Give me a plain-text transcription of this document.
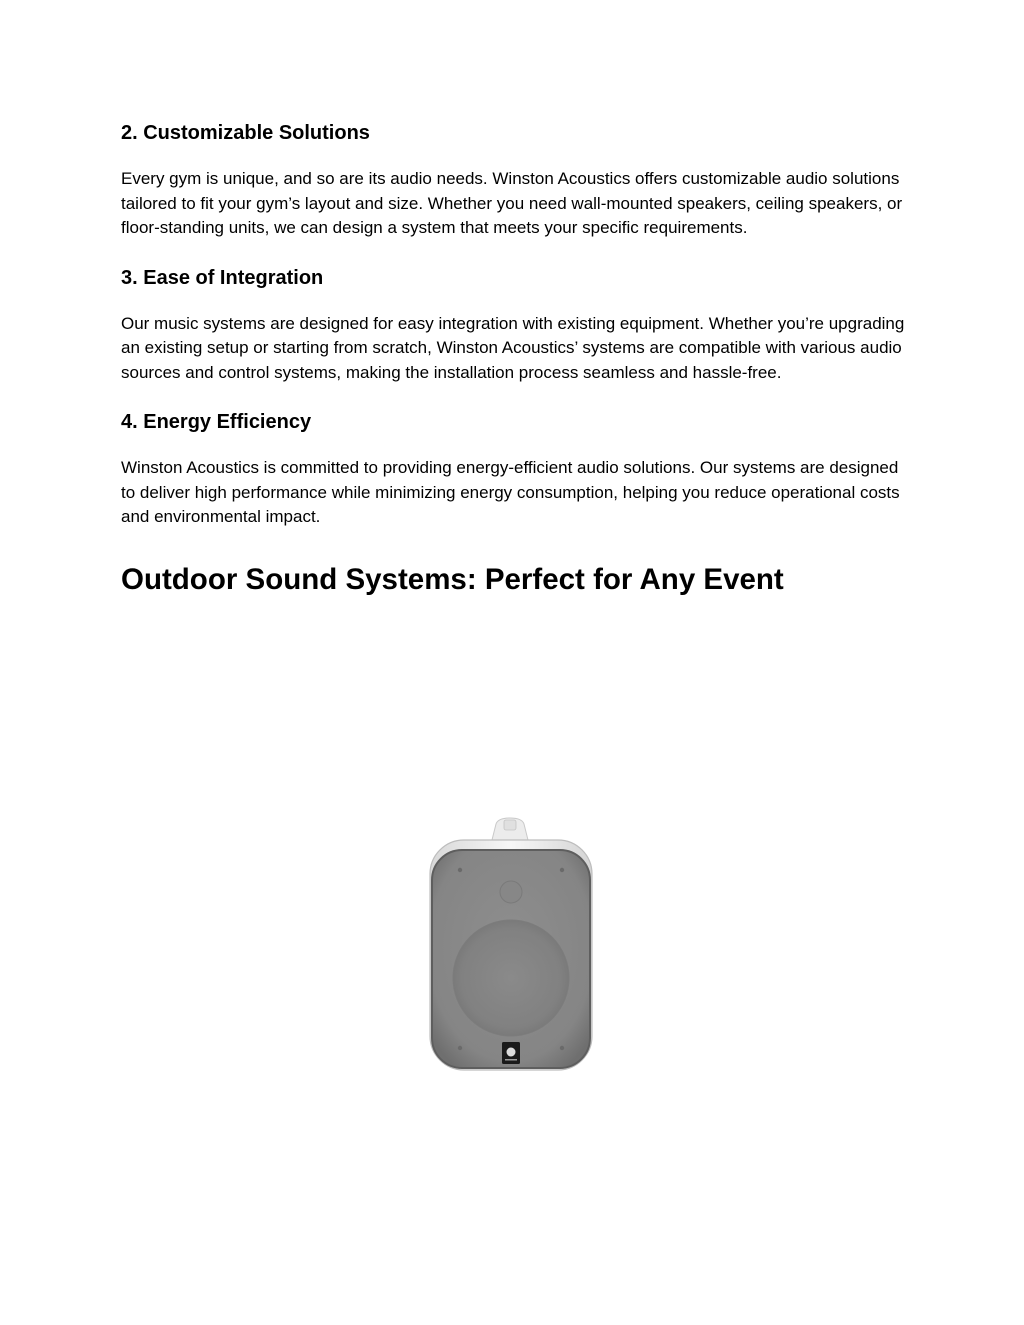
2. Customizable Solutions

Every gym is unique, and so are its audio needs. Winston Acoustics offers customizable audio solutions tailored to fit your gym’s layout and size. Whether you need wall-mounted speakers, ceiling speakers, or floor-standing units, we can design a system that meets your specific requirements.

3. Ease of Integration

Our music systems are designed for easy integration with existing equipment. Whether you’re upgrading an existing setup or starting from scratch, Winston Acoustics’ systems are compatible with various audio sources and control systems, making the installation process seamless and hassle-free.

4. Energy Efficiency

Winston Acoustics is committed to providing energy-efficient audio solutions. Our systems are designed to deliver high performance while minimizing energy consumption, helping you reduce operational costs and environmental impact.

Outdoor Sound Systems: Perfect for Any Event
